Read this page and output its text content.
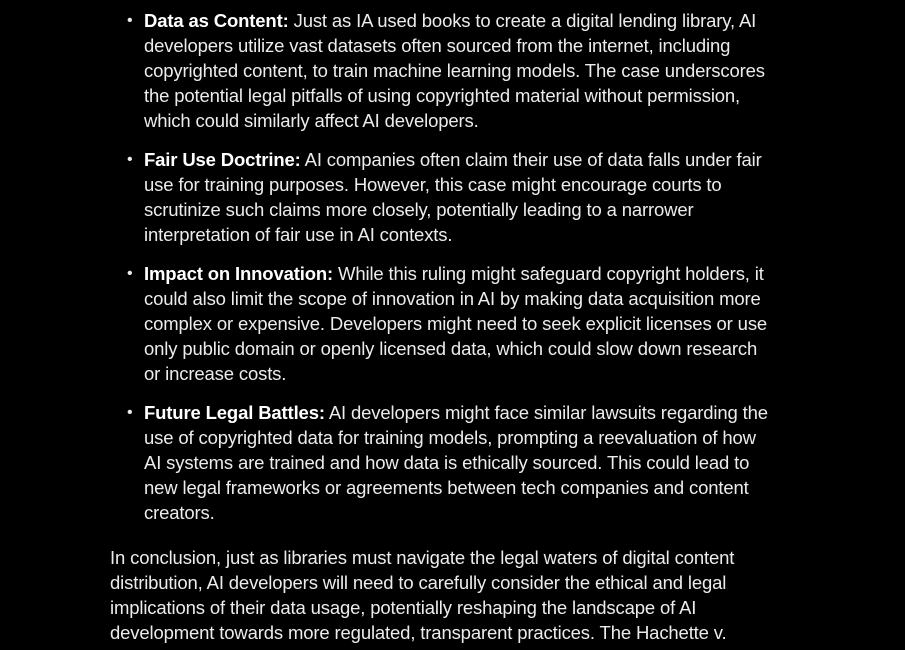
• Data as Content: Just as IA used books to create a digital lending library, AI developers utilize vast datasets often sourced from the internet, including copyrighted content, to train machine learning models. The case underscores the potential legal pitfalls of using copyrighted material without permission, which could similarly affect AI developers.
• Fair Use Doctrine: AI companies often claim their use of data falls under fair use for training purposes. However, this case might encourage courts to scrutinize such claims more closely, potentially leading to a narrower interpretation of fair use in AI contexts.
• Impact on Innovation: While this ruling might safeguard copyright holders, it could also limit the scope of innovation in AI by making data acquisition more complex or expensive. Developers might need to seek explicit licenses or use only public domain or openly licensed data, which could slow down research or increase costs.
• Future Legal Battles: AI developers might face similar lawsuits regarding the use of copyrighted data for training models, prompting a reevaluation of how AI systems are trained and how data is ethically sourced. This could lead to new legal frameworks or agreements between tech companies and content creators.

In conclusion, just as libraries must navigate the legal waters of digital content distribution, AI developers will need to carefully consider the ethical and legal implications of their data usage, potentially reshaping the landscape of AI development towards more regulated, transparent practices. The Hachette v.
